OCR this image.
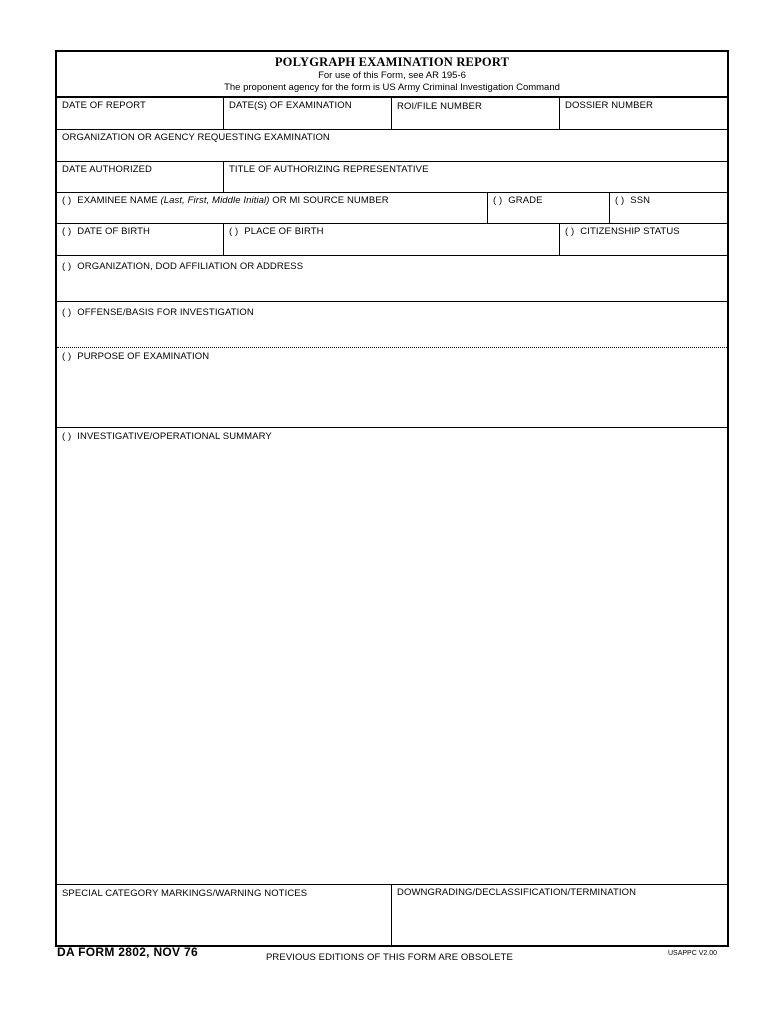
POLYGRAPH EXAMINATION REPORT
For use of this Form, see AR 195-6
The proponent agency for the form is US Army Criminal Investigation Command
DATE OF REPORT	DATE(S) OF EXAMINATION	ROI/FILE NUMBER	DOSSIER NUMBER
ORGANIZATION OR AGENCY REQUESTING EXAMINATION
DATE AUTHORIZED	TITLE OF AUTHORIZING REPRESENTATIVE
( ) EXAMINEE NAME (Last, First, Middle Initial) OR MI SOURCE NUMBER	( ) GRADE	( ) SSN
( ) DATE OF BIRTH	( ) PLACE OF BIRTH	( ) CITIZENSHIP STATUS
( ) ORGANIZATION, DOD AFFILIATION OR ADDRESS
( ) OFFENSE/BASIS FOR INVESTIGATION
( ) PURPOSE OF EXAMINATION
( ) INVESTIGATIVE/OPERATIONAL SUMMARY
SPECIAL CATEGORY MARKINGS/WARNING NOTICES	DOWNGRADING/DECLASSIFICATION/TERMINATION
DA FORM 2802, NOV 76	PREVIOUS EDITIONS OF THIS FORM ARE OBSOLETE	USAPPC V2.00
